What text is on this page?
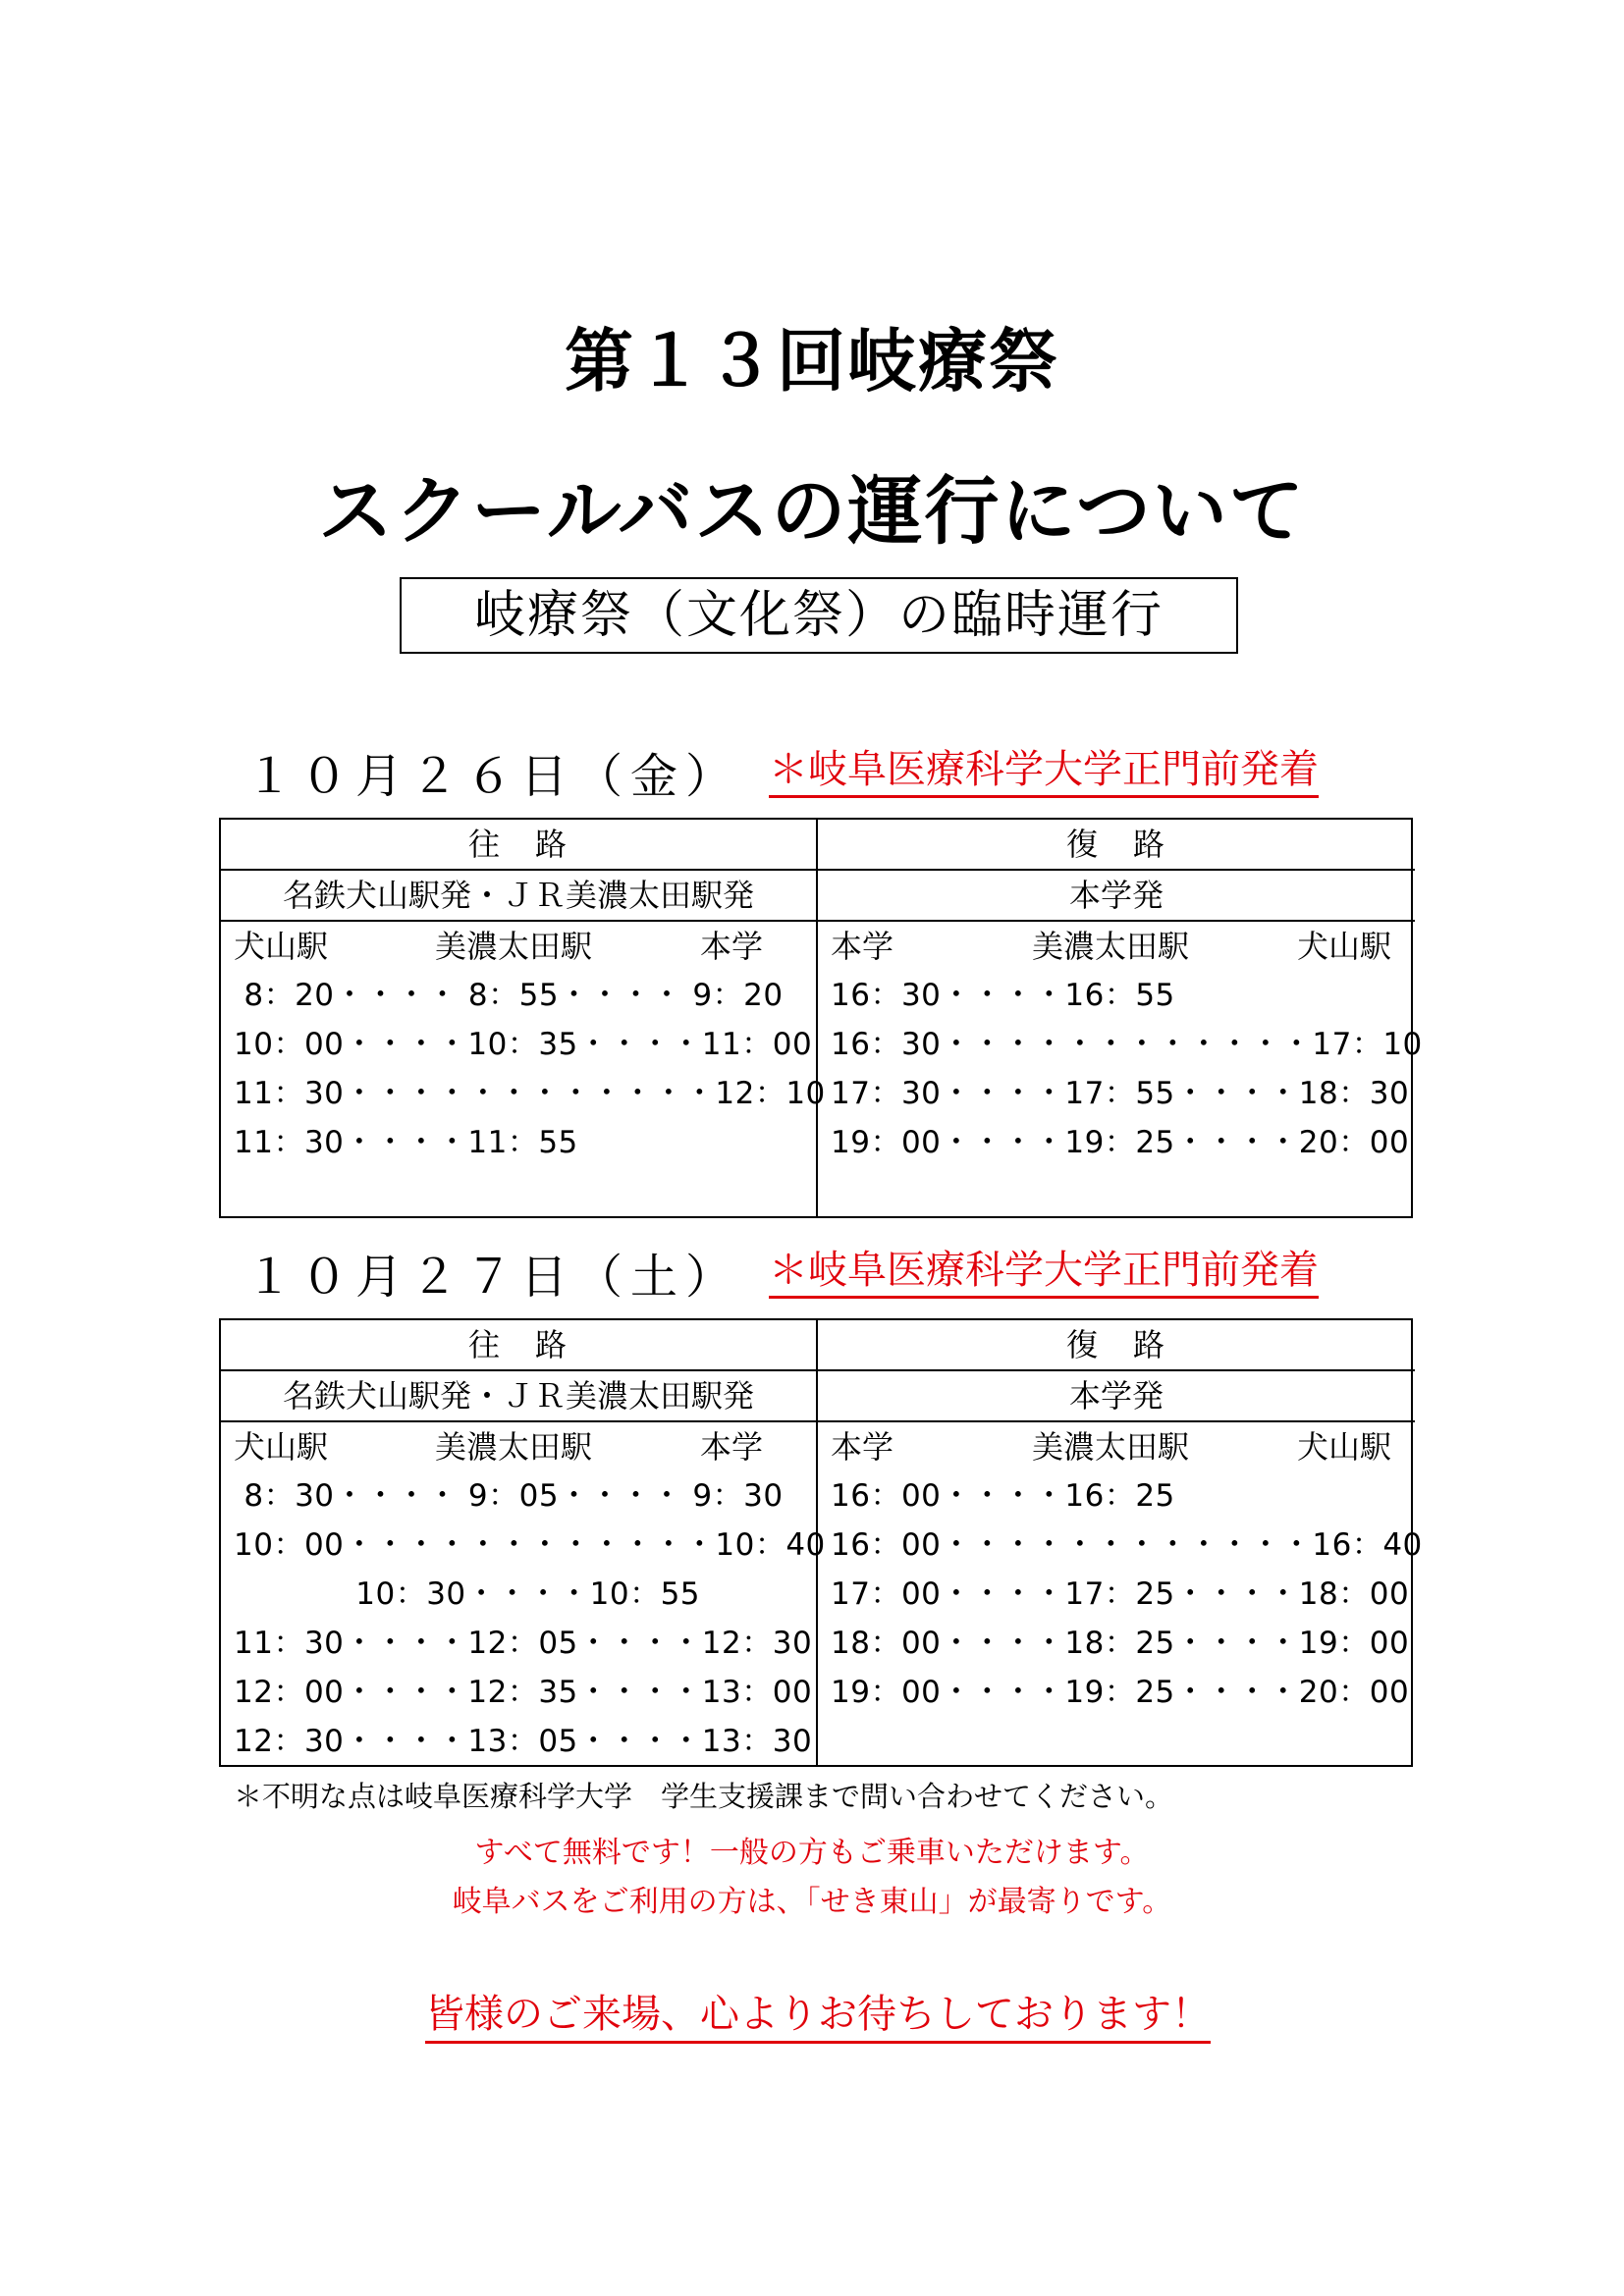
第１３回岐療祭
スクールバスの運行について
岐療祭（文化祭）の臨時運行
１０月２６日（金） ＊岐阜医療科学大学正門前発着
往　路
名鉄犬山駅発・ＪＲ美濃太田駅発
犬山駅	美濃太田駅	本学
8：20・・・・ 8：55・・・・ 9：20
10：00・・・・10：35・・・・11：00
11：30・・・・・・・・・・・・12：10
11：30・・・・11：55
復　路
本学発
本学	美濃太田駅	犬山駅
16：30・・・・16：55
16：30・・・・・・・・・・・・17：10
17：30・・・・17：55・・・・18：30
19：00・・・・19：25・・・・20：00
１０月２７日（土） ＊岐阜医療科学大学正門前発着
往　路
名鉄犬山駅発・ＪＲ美濃太田駅発
犬山駅	美濃太田駅	本学
8：30・・・・ 9：05・・・・ 9：30
10：00・・・・・・・・・・・・10：40
10：30・・・・10：55
11：30・・・・12：05・・・・12：30
12：00・・・・12：35・・・・13：00
12：30・・・・13：05・・・・13：30
復　路
本学発
本学	美濃太田駅	犬山駅
16：00・・・・16：25
16：00・・・・・・・・・・・・16：40
17：00・・・・17：25・・・・18：00
18：00・・・・18：25・・・・19：00
19：00・・・・19：25・・・・20：00
＊不明な点は岐阜医療科学大学　学生支援課まで問い合わせてください。
すべて無料です！一般の方もご乗車いただけます。
岐阜バスをご利用の方は、「せき東山」が最寄りです。
皆様のご来場、心よりお待ちしております！
